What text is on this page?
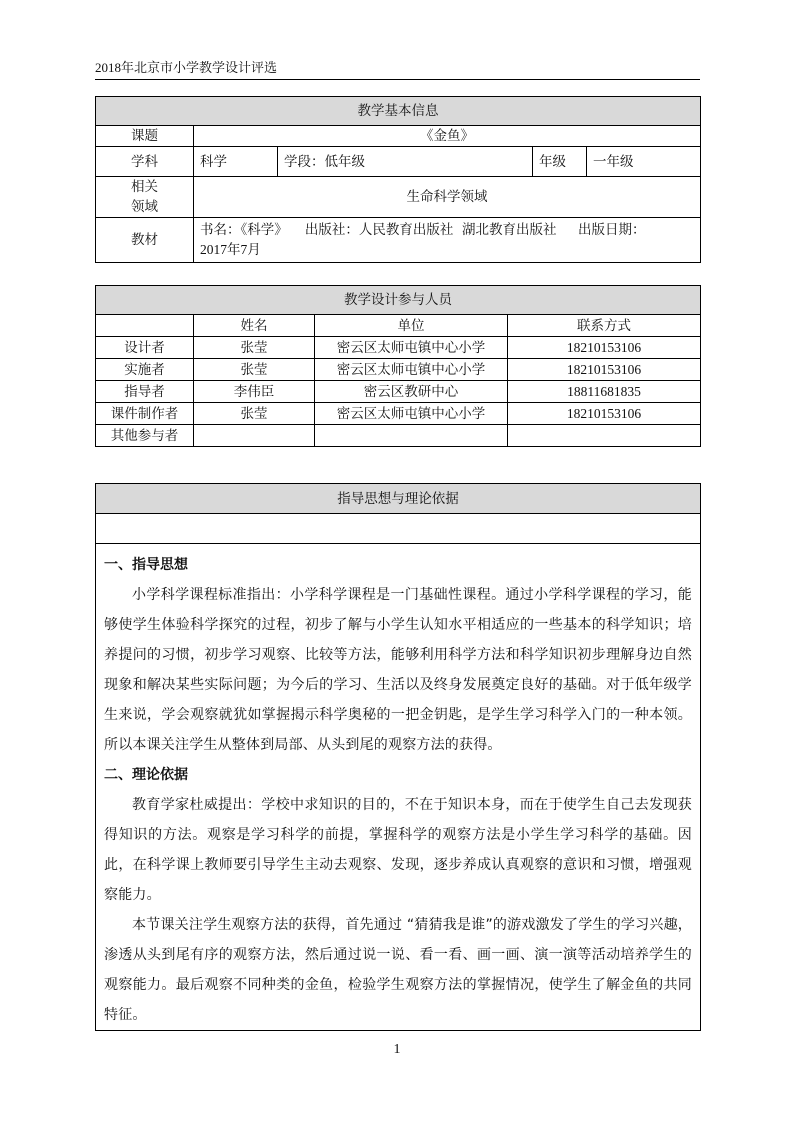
2018年北京市小学教学设计评选
教学基本信息				
课题	《金鱼》			
学科	科学	学段：低年级	年级	一年级

相关
领域	生命科学领域			
教材	书名：《科学》    出版社：人民教育出版社  湖北教育出版社     出版日期：
2017年7月			
教学设计参与人员			
	姓名	单位	联系方式
设计者	张莹	密云区太师屯镇中心小学	18210153106
实施者	张莹	密云区太师屯镇中心小学	18210153106
指导者	李伟臣	密云区教研中心	18811681835
课件制作者	张莹	密云区太师屯镇中心小学	18210153106
其他参与者			
指导思想与理论依据

一、指导思想

小学科学课程标准指出：小学科学课程是一门基础性课程。通过小学科学课程的学习，能够使学生体验科学探究的过程，初步了解与小学生认知水平相适应的一些基本的科学知识；培养提问的习惯，初步学习观察、比较等方法，能够利用科学方法和科学知识初步理解身边自然现象和解决某些实际问题；为今后的学习、生活以及终身发展奠定良好的基础。对于低年级学生来说，学会观察就犹如掌握揭示科学奥秘的一把金钥匙，是学生学习科学入门的一种本领。所以本课关注学生从整体到局部、从头到尾的观察方法的获得。

二、理论依据

教育学家杜威提出：学校中求知识的目的，不在于知识本身，而在于使学生自己去发现获得知识的方法。观察是学习科学的前提，掌握科学的观察方法是小学生学习科学的基础。因此，在科学课上教师要引导学生主动去观察、发现，逐步养成认真观察的意识和习惯，增强观察能力。

本节课关注学生观察方法的获得，首先通过 “猜猜我是谁”的游戏激发了学生的学习兴趣，渗透从头到尾有序的观察方法，然后通过说一说、看一看、画一画、演一演等活动培养学生的观察能力。最后观察不同种类的金鱼，检验学生观察方法的掌握情况，使学生了解金鱼的共同特征。

1
